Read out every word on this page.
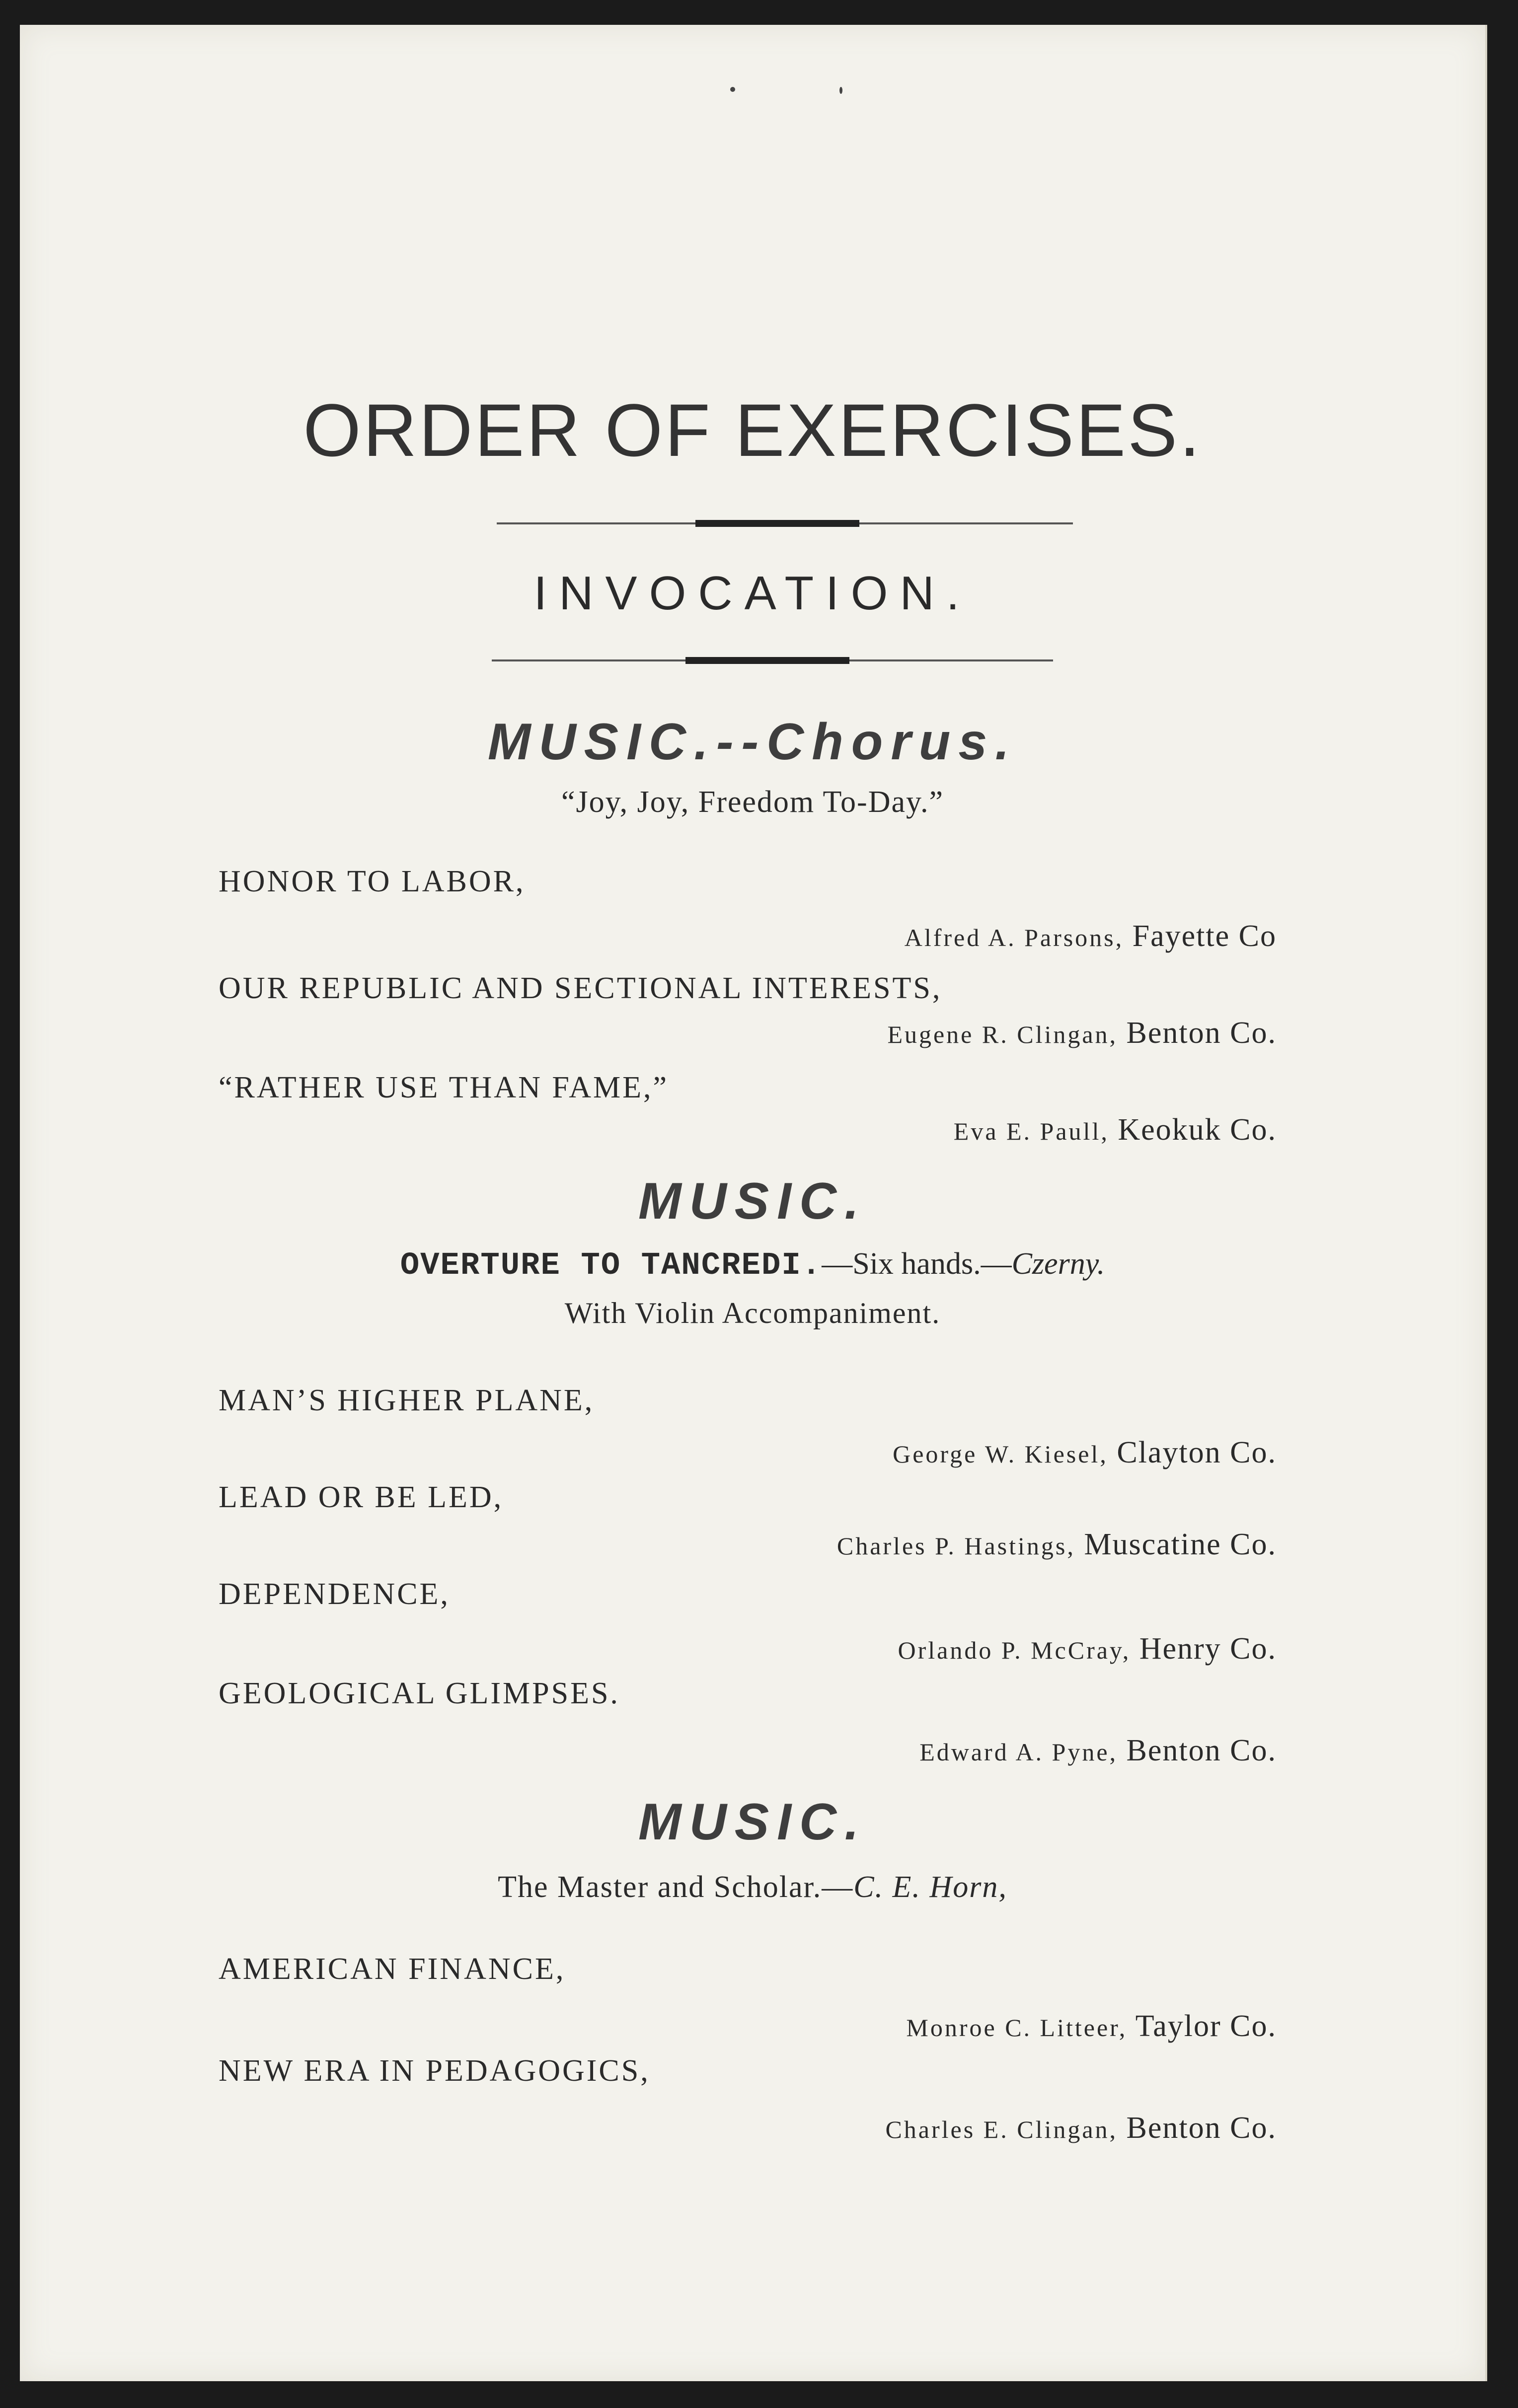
ORDER OF EXERCISES.
INVOCATION.
MUSIC.--Chorus.
“Joy, Joy, Freedom To-Day.”
HONOR TO LABOR,
Alfred A. Parsons, Fayette Co
OUR REPUBLIC AND SECTIONAL INTERESTS,
Eugene R. Clingan, Benton Co.
“RATHER USE THAN FAME,”
Eva E. Paull, Keokuk Co.
MUSIC.
OVERTURE TO TANCREDI.—Six hands.—Czerny.
With Violin Accompaniment.
MAN’S HIGHER PLANE,
George W. Kiesel, Clayton Co.
LEAD OR BE LED,
Charles P. Hastings, Muscatine Co.
DEPENDENCE,
Orlando P. McCray, Henry Co.
GEOLOGICAL GLIMPSES.
Edward A. Pyne, Benton Co.
MUSIC.
The Master and Scholar.—C. E. Horn,
AMERICAN FINANCE,
Monroe C. Litteer, Taylor Co.
NEW ERA IN PEDAGOGICS,
Charles E. Clingan, Benton Co.
